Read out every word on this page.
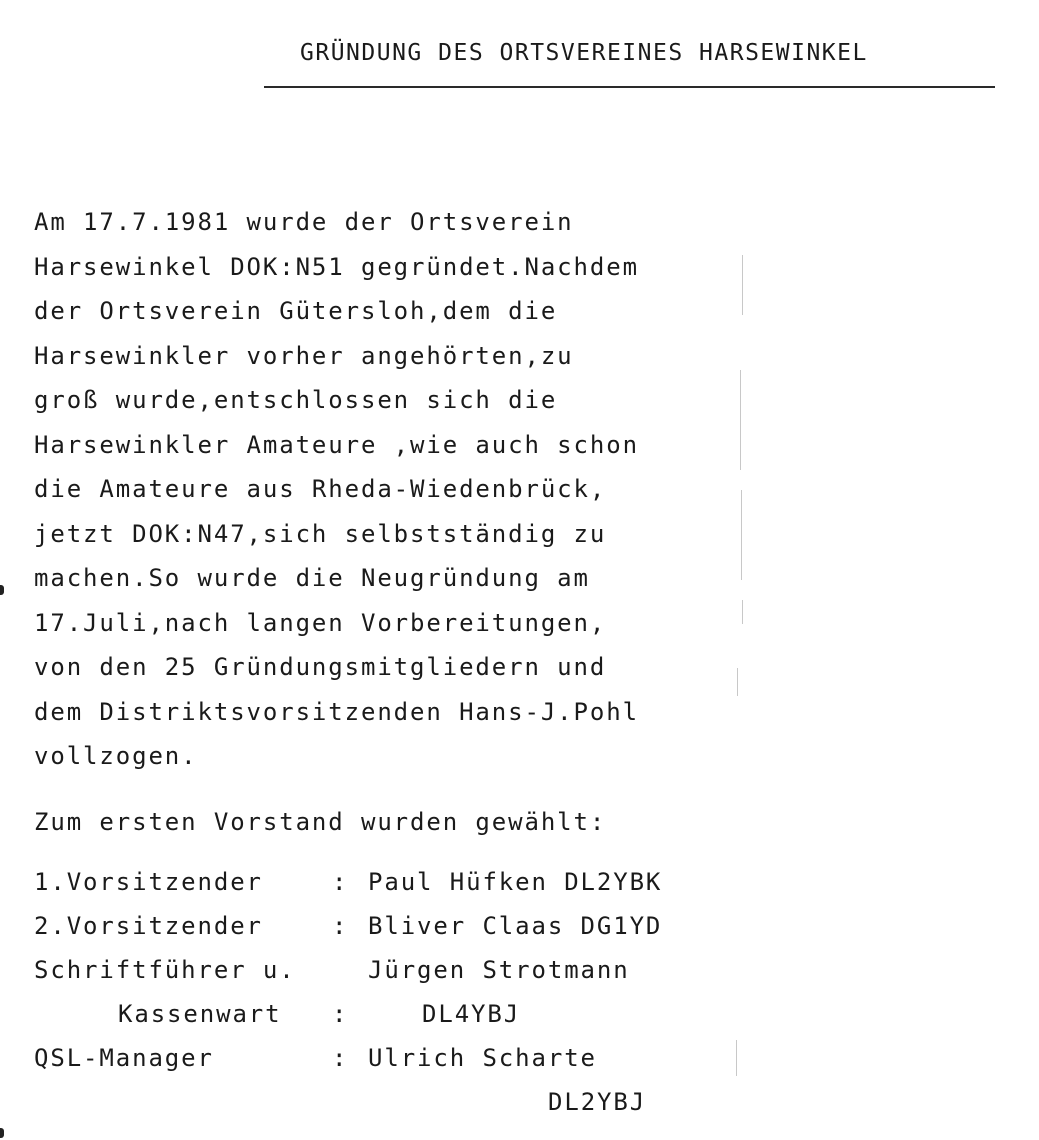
GRÜNDUNG DES ORTSVEREINES HARSEWINKEL
Am 17.7.1981 wurde der Ortsverein
Harsewinkel DOK:N51 gegründet.Nachdem
der Ortsverein Gütersloh,dem die
Harsewinkler vorher angehörten,zu
groß wurde,entschlossen sich die
Harsewinkler Amateure ,wie auch schon
die Amateure aus Rheda-Wiedenbrück,
jetzt DOK:N47,sich selbstständig zu
machen.So wurde die Neugründung am
17.Juli,nach langen Vorbereitungen,
von den 25 Gründungsmitgliedern und
dem Distriktsvorsitzenden Hans-J.Pohl
vollzogen.
Zum ersten Vorstand wurden gewählt:
1.Vorsitzender	: Paul Hüfken DL2YBK
2.Vorsitzender	: Bliver Claas DG1YD
Schriftführer u.	Jürgen Strotmann
Kassenwart :	DL4YBJ
QSL-Manager	: Ulrich Scharte
DL2YBJ
